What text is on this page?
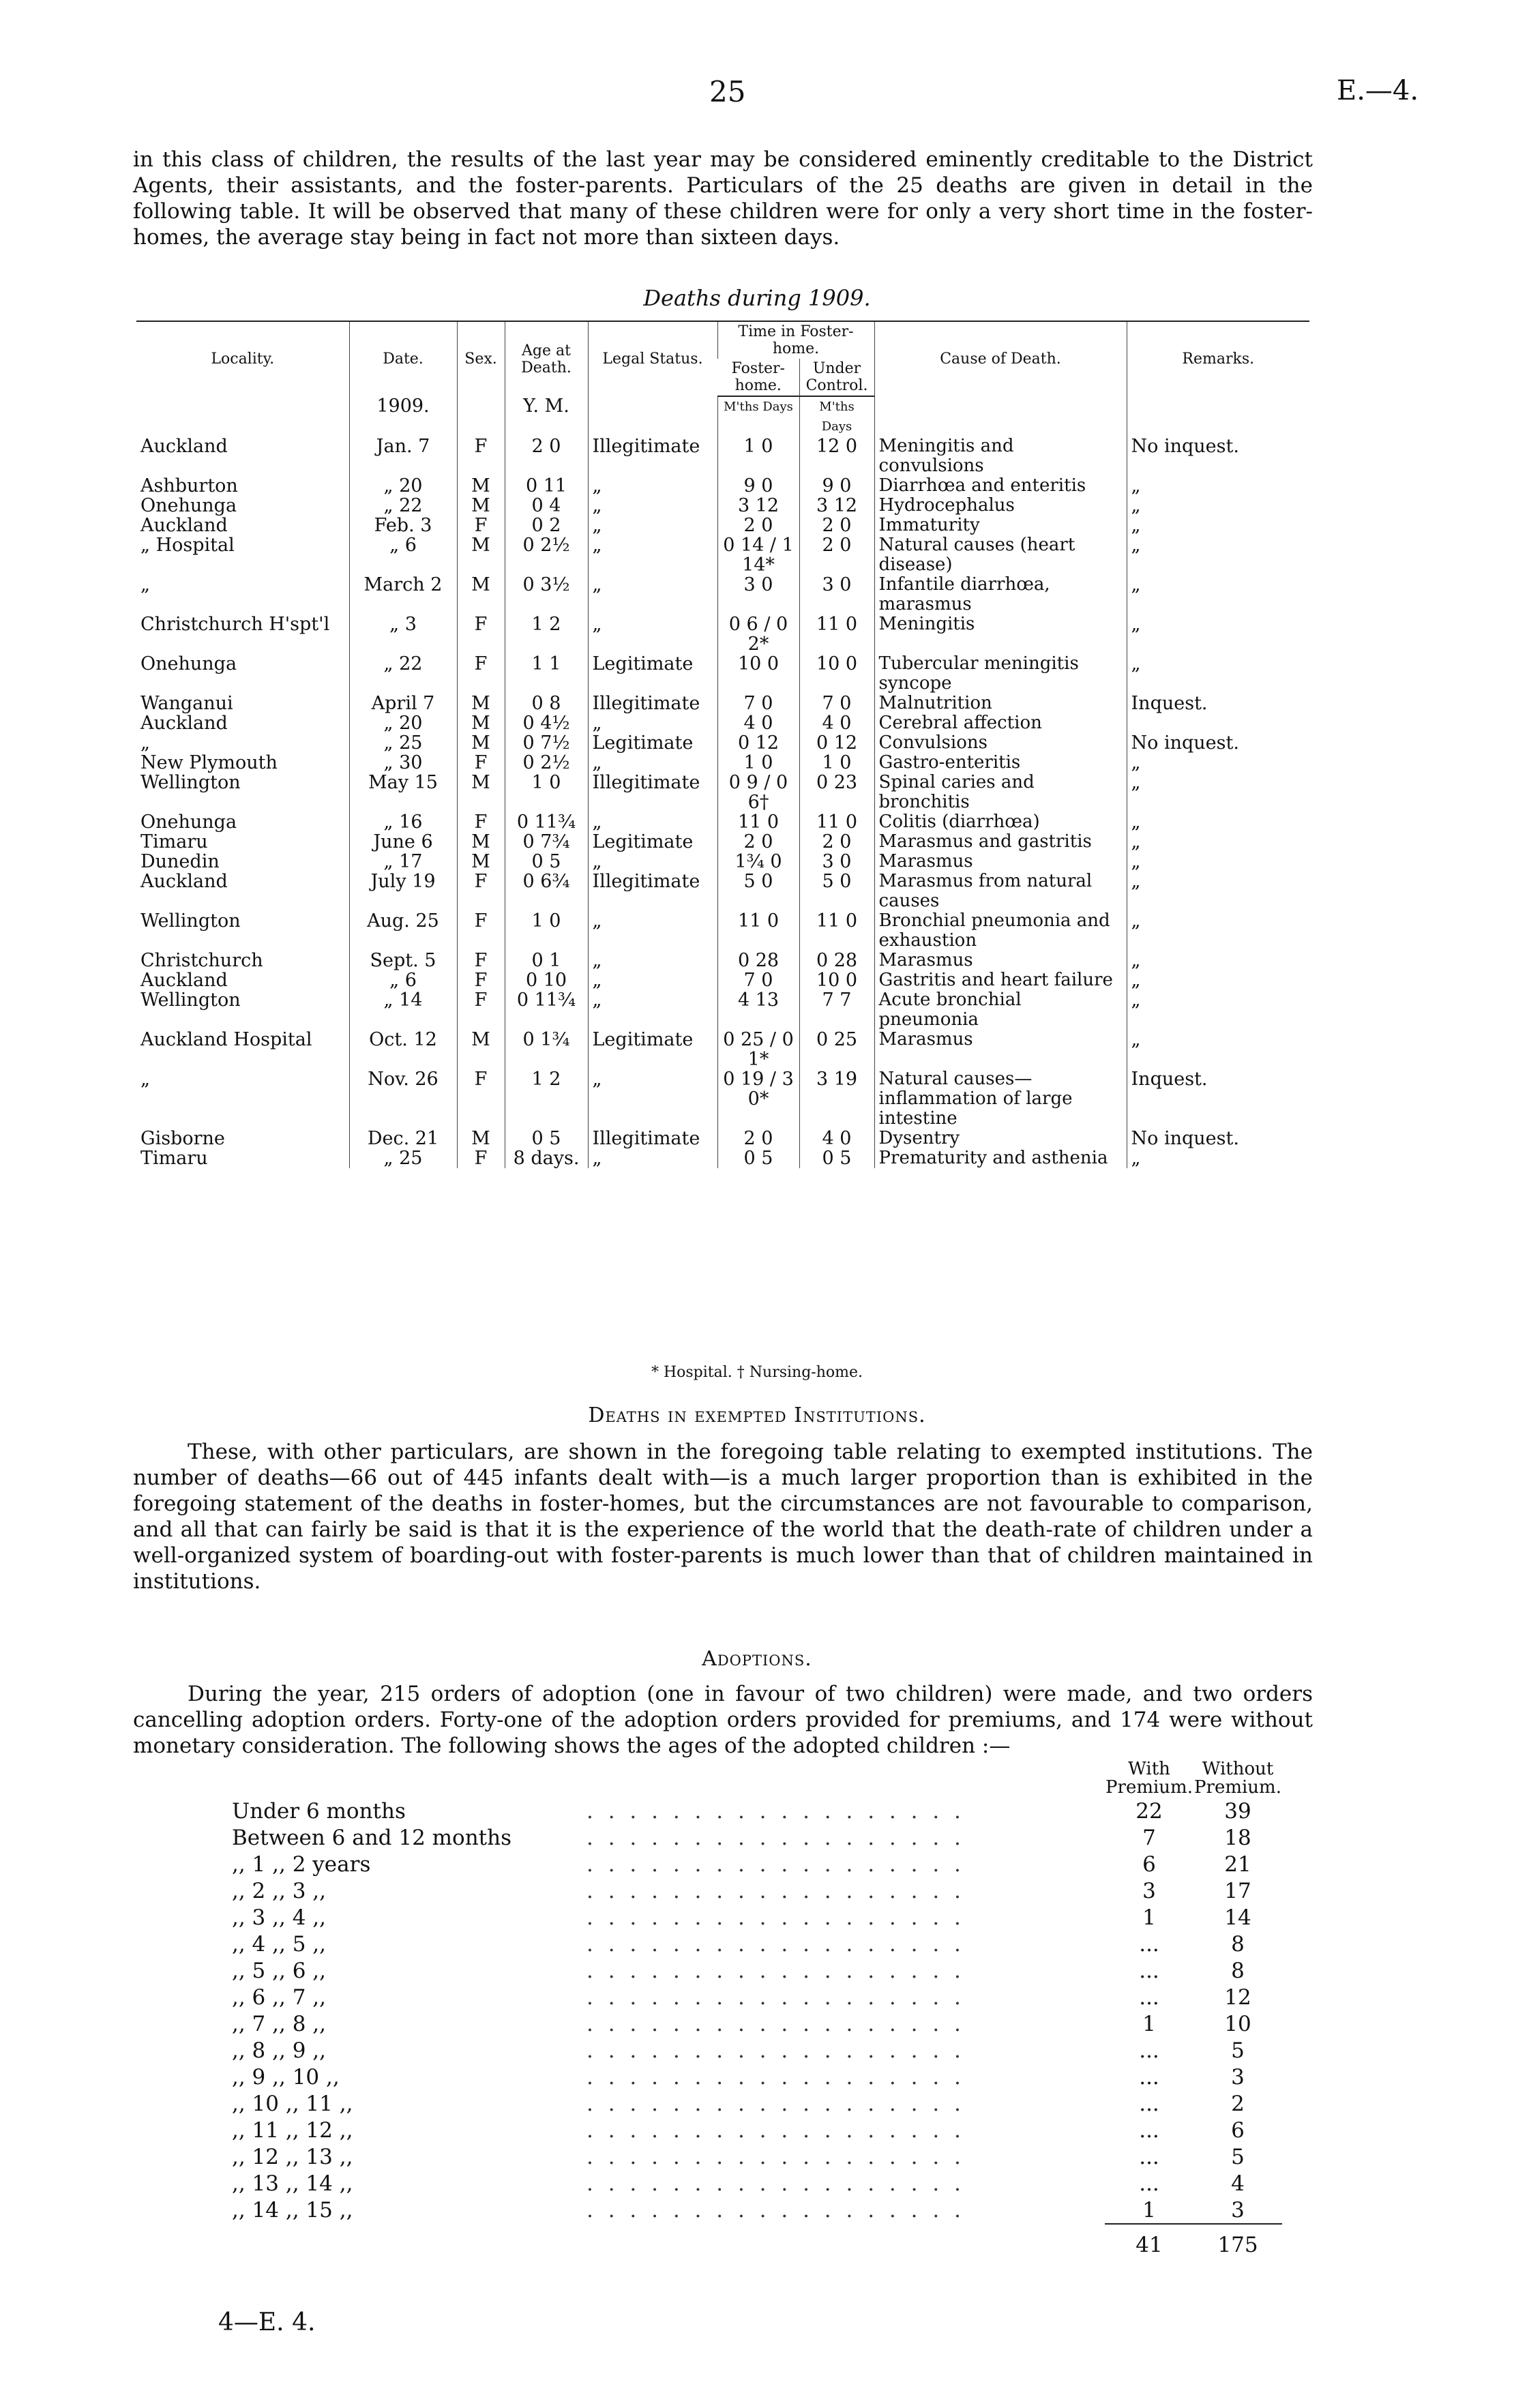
25	E.—4.
in this class of children, the results of the last year may be considered eminently creditable to the District Agents, their assistants, and the foster-parents. Particulars of the 25 deaths are given in detail in the following table. It will be observed that many of these children were for only a very short time in the foster-homes, the average stay being in fact not more than sixteen days.
Deaths during 1909.
Locality.	Date.	Sex.	Age at Death.	Legal Status.	Time in Foster-home.		Cause of Death.	Remarks.
					Foster-home.	Under Control.		
	1909.		Y. M.		M'ths Days	M'ths Days		
Auckland	Jan. 7	F	2 0	Illegitimate	1 0	12 0	Meningitis and convulsions	No inquest.
Ashburton	„ 20	M	0 11	„	9 0	9 0	Diarrhœa and enteritis	„
Onehunga	„ 22	M	0 4	„	3 12	3 12	Hydrocephalus	„
Auckland	Feb. 3	F	0 2	„	2 0	2 0	Immaturity	„
„ Hospital	„ 6	M	0 2½	„	0 14 / 1 14*	2 0	Natural causes (heart disease)	„
„	March 2	M	0 3½	„	3 0	3 0	Infantile diarrhœa, marasmus	„
Christchurch H'spt'l	„ 3	F	1 2	„	0 6 / 0 2*	11 0	Meningitis	„
Onehunga	„ 22	F	1 1	Legitimate	10 0	10 0	Tubercular meningitis syncope	„
Wanganui	April 7	M	0 8	Illegitimate	7 0	7 0	Malnutrition	Inquest.
Auckland	„ 20	M	0 4½	„	4 0	4 0	Cerebral affection	
„	„ 25	M	0 7½	Legitimate	0 12	0 12	Convulsions	No inquest.
New Plymouth	„ 30	F	0 2½	„	1 0	1 0	Gastro-enteritis	„
Wellington	May 15	M	1 0	Illegitimate	0 9 / 0 6†	0 23	Spinal caries and bronchitis	„
Onehunga	„ 16	F	0 11¾	„	11 0	11 0	Colitis (diarrhœa)	„
Timaru	June 6	M	0 7¾	Legitimate	2 0	2 0	Marasmus and gastritis	„
Dunedin	„ 17	M	0 5	„	1¾ 0	3 0	Marasmus	„
Auckland	July 19	F	0 6¾	Illegitimate	5 0	5 0	Marasmus from natural causes	„
Wellington	Aug. 25	F	1 0	„	11 0	11 0	Bronchial pneumonia and exhaustion	„
Christchurch	Sept. 5	F	0 1	„	0 28	0 28	Marasmus	„
Auckland	„ 6	F	0 10	„	7 0	10 0	Gastritis and heart failure	„
Wellington	„ 14	F	0 11¾	„	4 13	7 7	Acute bronchial pneumonia	„
Auckland Hospital	Oct. 12	M	0 1¾	Legitimate	0 25 / 0 1*	0 25	Marasmus	„
„	Nov. 26	F	1 2	„	0 19 / 3 0*	3 19	Natural causes—inflammation of large intestine	Inquest.
Gisborne	Dec. 21	M	0 5	Illegitimate	2 0	4 0	Dysentry	No inquest.
Timaru	„ 25	F	8 days.	„	0 5	0 5	Prematurity and asthenia	„
* Hospital. † Nursing-home.
Deaths in exempted Institutions.
These, with other particulars, are shown in the foregoing table relating to exempted institutions. The number of deaths—66 out of 445 infants dealt with—is a much larger proportion than is exhibited in the foregoing statement of the deaths in foster-homes, but the circumstances are not favourable to comparison, and all that can fairly be said is that it is the experience of the world that the death-rate of children under a well-organized system of boarding-out with foster-parents is much lower than that of children maintained in institutions.
Adoptions.
During the year, 215 orders of adoption (one in favour of two children) were made, and two orders cancelling adoption orders. Forty-one of the adoption orders provided for premiums, and 174 were without monetary consideration. The following shows the ages of the adopted children :—
		With Premium.	Without Premium.
Under 6 months	. . . . . . . . . . . . . . . . . .	22	39
Between 6 and 12 months	. . . . . . . . . . . . . . . . . .	7	18
,, 1 ,, 2 years	. . . . . . . . . . . . . . . . . .	6	21
,, 2 ,, 3 ,,	. . . . . . . . . . . . . . . . . .	3	17
,, 3 ,, 4 ,,	. . . . . . . . . . . . . . . . . .	1	14
,, 4 ,, 5 ,,	. . . . . . . . . . . . . . . . . .	...	8
,, 5 ,, 6 ,,	. . . . . . . . . . . . . . . . . .	...	8
,, 6 ,, 7 ,,	. . . . . . . . . . . . . . . . . .	...	12
,, 7 ,, 8 ,,	. . . . . . . . . . . . . . . . . .	1	10
,, 8 ,, 9 ,,	. . . . . . . . . . . . . . . . . .	...	5
,, 9 ,, 10 ,,	. . . . . . . . . . . . . . . . . .	...	3
,, 10 ,, 11 ,,	. . . . . . . . . . . . . . . . . .	...	2
,, 11 ,, 12 ,,	. . . . . . . . . . . . . . . . . .	...	6
,, 12 ,, 13 ,,	. . . . . . . . . . . . . . . . . .	...	5
,, 13 ,, 14 ,,	. . . . . . . . . . . . . . . . . .	...	4
,, 14 ,, 15 ,,	. . . . . . . . . . . . . . . . . .	1	3
		41	175
4—E. 4.
